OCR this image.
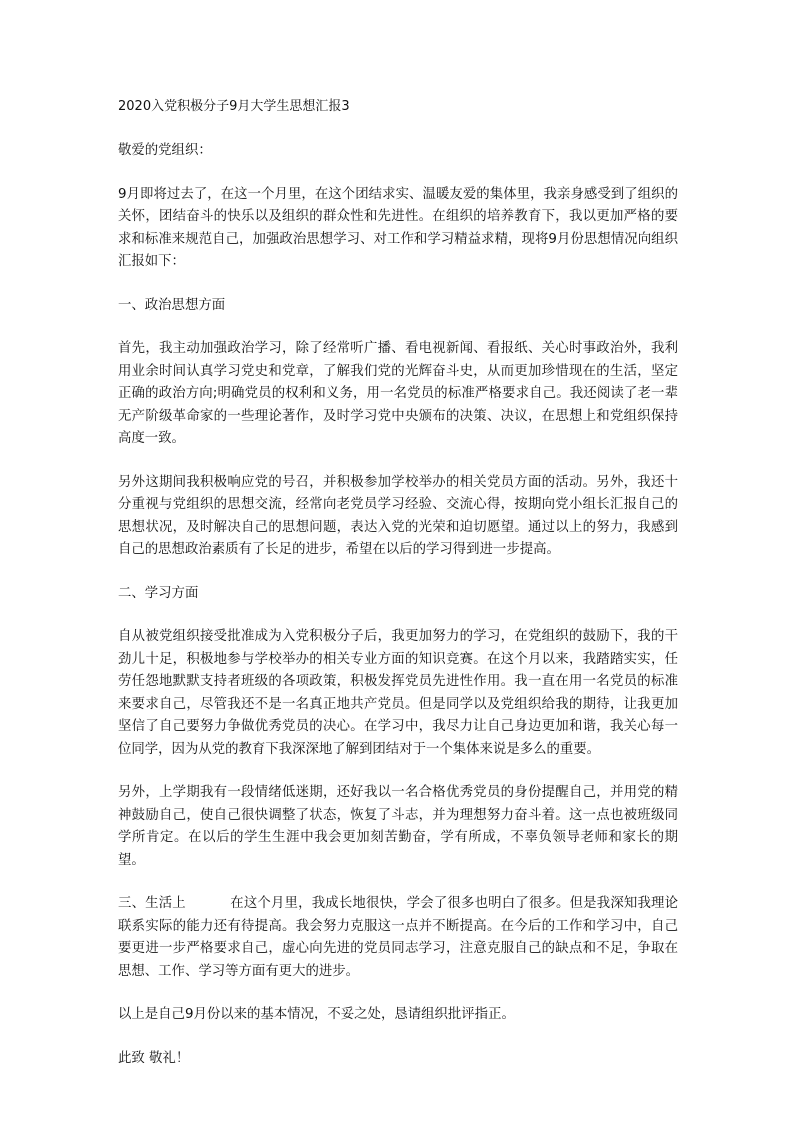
2020入党积极分子9月大学生思想汇报3
敬爱的党组织：
9月即将过去了，在这一个月里，在这个团结求实、温暖友爱的集体里，我亲身感受到了组织的关怀，团结奋斗的快乐以及组织的群众性和先进性。在组织的培养教育下，我以更加严格的要求和标准来规范自己，加强政治思想学习、对工作和学习精益求精，现将9月份思想情况向组织汇报如下：
一、政治思想方面
首先，我主动加强政治学习，除了经常听广播、看电视新闻、看报纸、关心时事政治外，我利用业余时间认真学习党史和党章，了解我们党的光辉奋斗史，从而更加珍惜现在的生活，坚定正确的政治方向;明确党员的权利和义务，用一名党员的标准严格要求自己。我还阅读了老一辈无产阶级革命家的一些理论著作，及时学习党中央颁布的决策、决议，在思想上和党组织保持高度一致。
另外这期间我积极响应党的号召，并积极参加学校举办的相关党员方面的活动。另外，我还十分重视与党组织的思想交流，经常向老党员学习经验、交流心得，按期向党小组长汇报自己的思想状况，及时解决自己的思想问题，表达入党的光荣和迫切愿望。通过以上的努力，我感到自己的思想政治素质有了长足的进步，希望在以后的学习得到进一步提高。
二、学习方面
自从被党组织接受批准成为入党积极分子后，我更加努力的学习，在党组织的鼓励下，我的干劲儿十足，积极地参与学校举办的相关专业方面的知识竞赛。在这个月以来，我踏踏实实，任劳任怨地默默支持者班级的各项政策，积极发挥党员先进性作用。我一直在用一名党员的标准来要求自己，尽管我还不是一名真正地共产党员。但是同学以及党组织给我的期待，让我更加坚信了自己要努力争做优秀党员的决心。在学习中，我尽力让自己身边更加和谐，我关心每一位同学，因为从党的教育下我深深地了解到团结对于一个集体来说是多么的重要。
另外，上学期我有一段情绪低迷期，还好我以一名合格优秀党员的身份提醒自己，并用党的精神鼓励自己，使自己很快调整了状态，恢复了斗志，并为理想努力奋斗着。这一点也被班级同学所肯定。在以后的学生生涯中我会更加刻苦勤奋，学有所成，不辜负领导老师和家长的期望。
三、生活上          在这个月里，我成长地很快，学会了很多也明白了很多。但是我深知我理论联系实际的能力还有待提高。我会努力克服这一点并不断提高。在今后的工作和学习中，自己要更进一步严格要求自己，虚心向先进的党员同志学习，注意克服自己的缺点和不足，争取在思想、工作、学习等方面有更大的进步。
以上是自己9月份以来的基本情况，不妥之处，恳请组织批评指正。
此致 敬礼！
